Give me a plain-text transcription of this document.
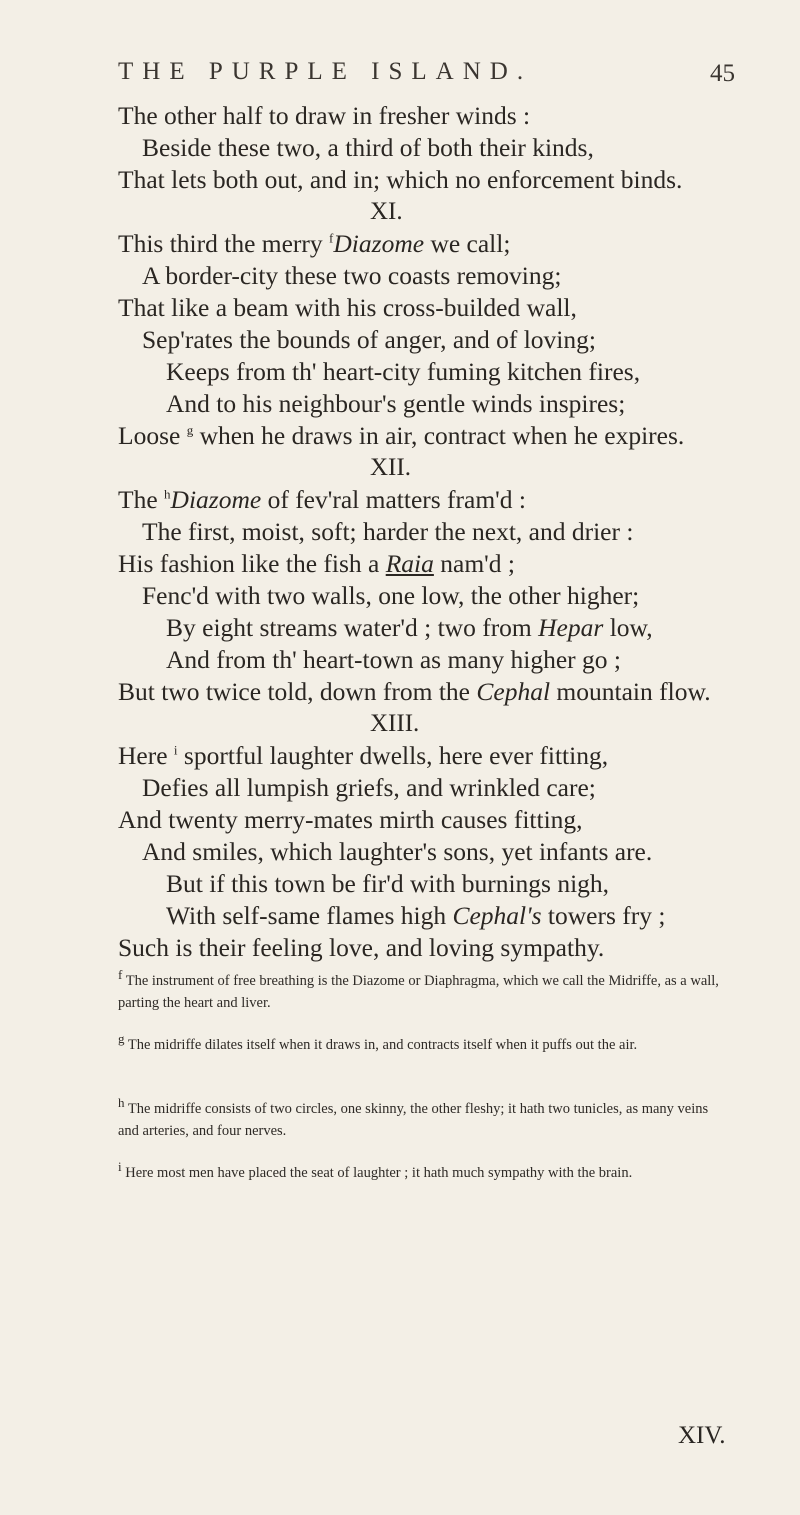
THE PURPLE ISLAND.	45
The other half to draw in fresher winds :
Beside these two, a third of both their kinds,
That lets both out, and in; which no enforcement binds.
XI.
This third the merry $^f$Diazome we call;
A border-city these two coasts removing;
That like a beam with his cross-builded wall,
Sep'rates the bounds of anger, and of loving;
Keeps from th' heart-city fuming kitchen fires,
And to his neighbour's gentle winds inspires;
Loose $^g$ when he draws in air, contract when he expires.
XII.
The $^h$Diazome of fev'ral matters fram'd :
The first, moist, soft; harder the next, and drier :
His fashion like the fish a Raia nam'd ;
Fenc'd with two walls, one low, the other higher;
By eight streams water'd ; two from Hepar low,
And from th' heart-town as many higher go ;
But two twice told, down from the Cephal mountain flow.
XIII.
Here $^i$ sportful laughter dwells, here ever fitting,
Defies all lumpish griefs, and wrinkled care;
And twenty merry-mates mirth causes fitting,
And smiles, which laughter's sons, yet infants are.
But if this town be fir'd with burnings nigh,
With self-same flames high Cephal's towers fry ;
Such is their feeling love, and loving sympathy.
$^f$ The instrument of free breathing is the Diazome or Diaphragma, which we call the Midriffe, as a wall, parting the heart and liver.
$^g$ The midriffe dilates itself when it draws in, and contracts itself when it puffs out the air.
$^h$ The midriffe consists of two circles, one skinny, the other fleshy; it hath two tunicles, as many veins and arteries, and four nerves.
$^i$ Here most men have placed the seat of laughter ; it hath much sympathy with the brain.
XIV.
